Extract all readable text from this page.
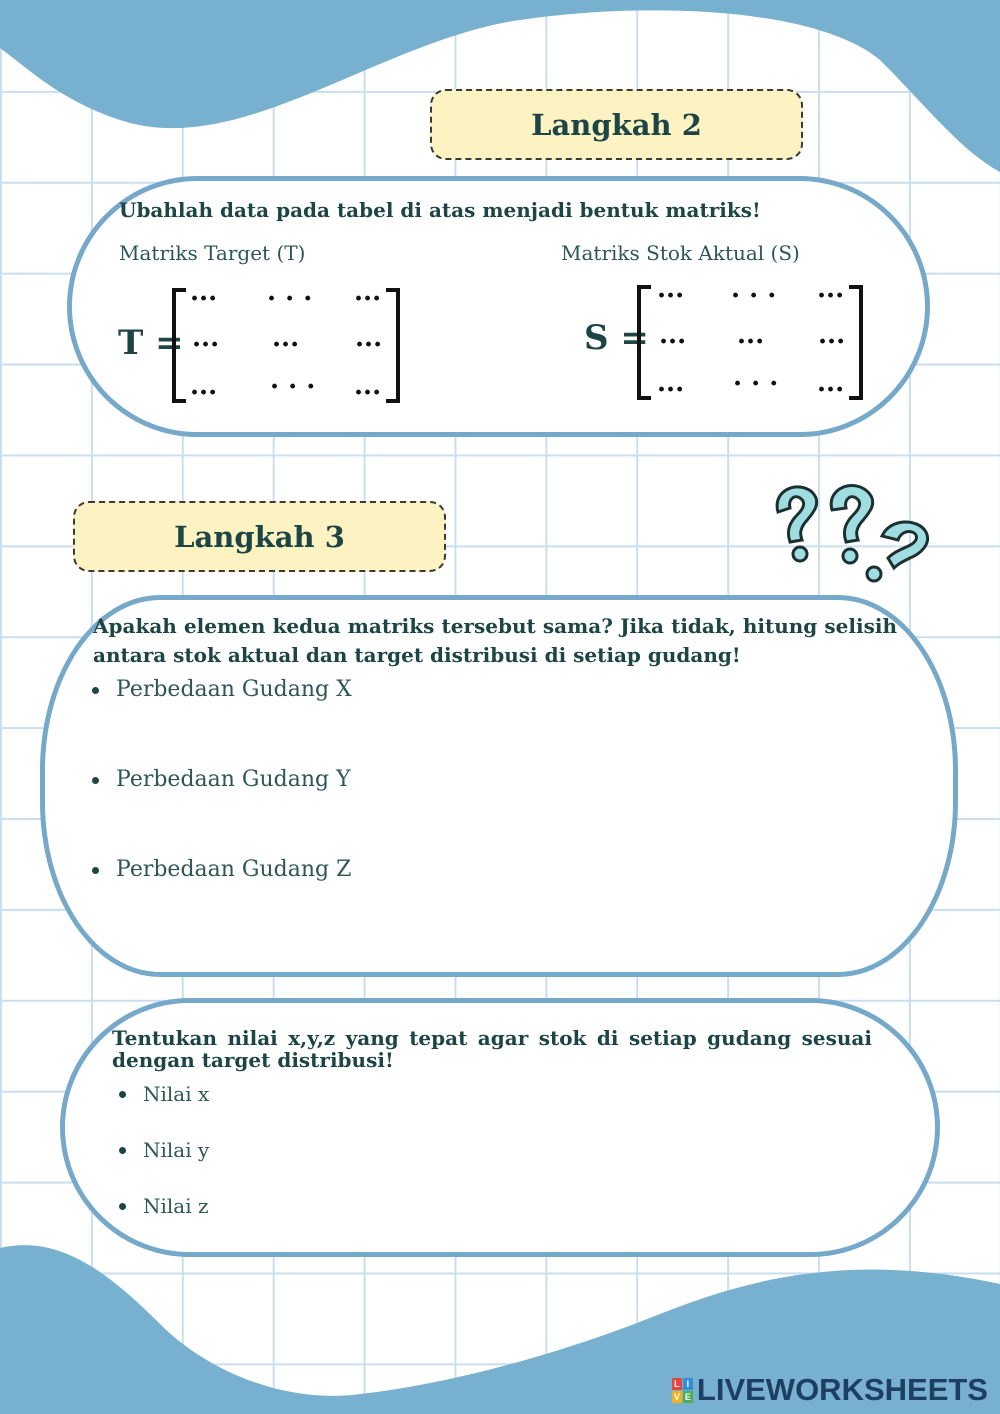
Langkah 2
Ubahlah data pada tabel di atas menjadi bentuk matriks!
Matriks Target (T)	Matriks Stok Aktual (S)
T =
··· · · · ···
··· ··· ···
··· · · · ···
S =
··· · · · ···
··· ··· ···
··· · · · ···
Langkah 3
Apakah elemen kedua matriks tersebut sama? Jika tidak, hitung selisih antara stok aktual dan target distribusi di setiap gudang!
Perbedaan Gudang X
Perbedaan Gudang Y
Perbedaan Gudang Z
Tentukan nilai x,y,z yang tepat agar stok di setiap gudang sesuai dengan target distribusi!
Nilai x
Nilai y
Nilai z
L I
V E LIVEWORKSHEETS
